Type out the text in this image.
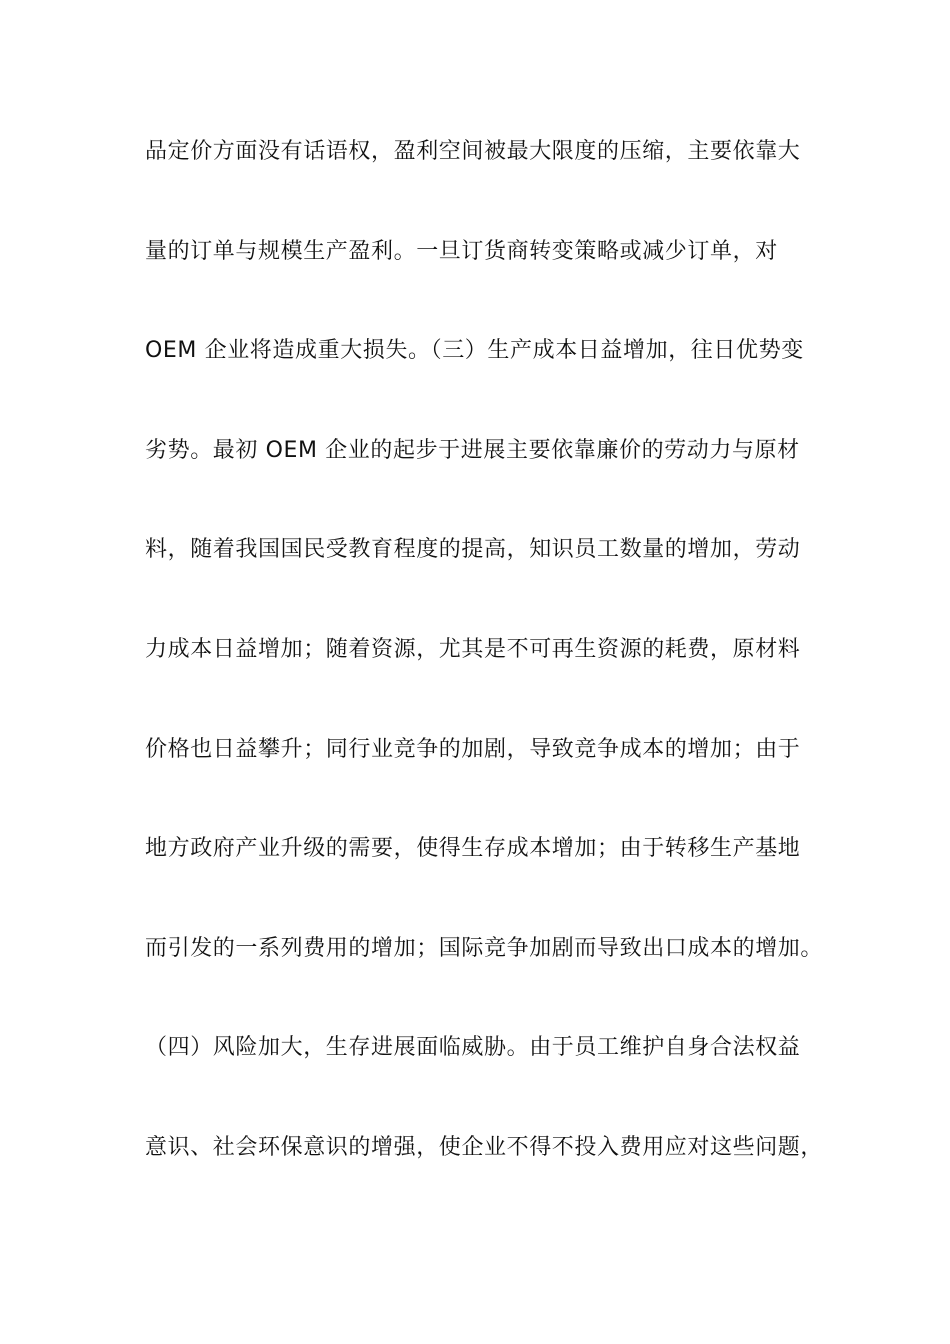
品定价方面没有话语权，盈利空间被最大限度的压缩，主要依靠大
量的订单与规模生产盈利。一旦订货商转变策略或减少订单，对
OEM 企业将造成重大损失。（三）生产成本日益增加，往日优势变
劣势。最初 OEM 企业的起步于进展主要依靠廉价的劳动力与原材
料，随着我国国民受教育程度的提高，知识员工数量的增加，劳动
力成本日益增加；随着资源，尤其是不可再生资源的耗费，原材料
价格也日益攀升；同行业竞争的加剧，导致竞争成本的增加；由于
地方政府产业升级的需要，使得生存成本增加；由于转移生产基地
而引发的一系列费用的增加；国际竞争加剧而导致出口成本的增加。
（四）风险加大，生存进展面临威胁。由于员工维护自身合法权益
意识、社会环保意识的增强，使企业不得不投入费用应对这些问题，
